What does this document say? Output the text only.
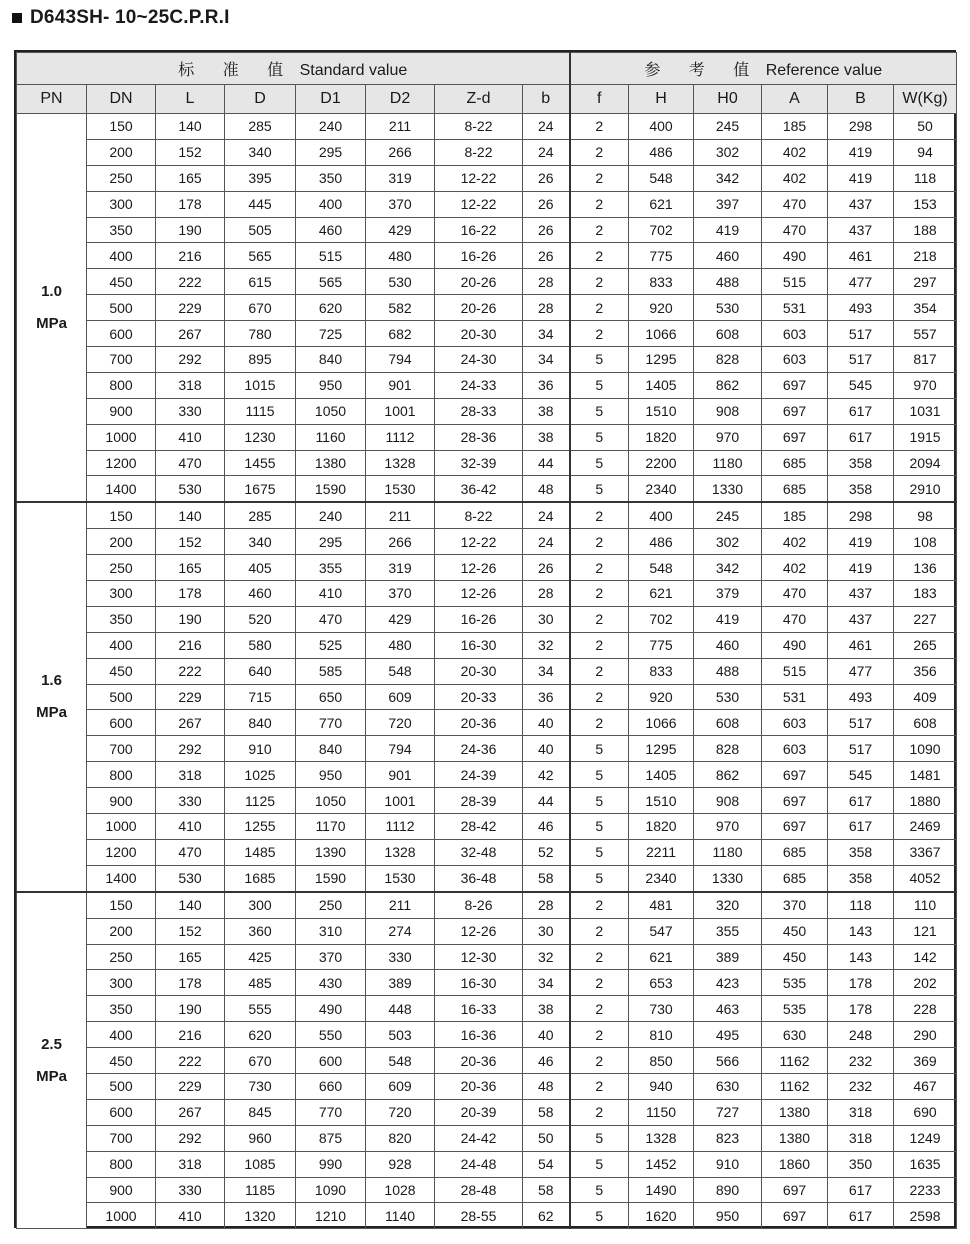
D643SH- 10~25C.P.R.I
标 准 值 Standard value								参 考 值 Reference value					
PN	DN	L	D	D1	D2	Z-d	b	f	H	H0	A	B	W(Kg)

1.0
MPa	150	140	285	240	211	8-22	24	2	400	245	185	298	50
	200	152	340	295	266	8-22	24	2	486	302	402	419	94
	250	165	395	350	319	12-22	26	2	548	342	402	419	118
	300	178	445	400	370	12-22	26	2	621	397	470	437	153
	350	190	505	460	429	16-22	26	2	702	419	470	437	188
	400	216	565	515	480	16-26	26	2	775	460	490	461	218
	450	222	615	565	530	20-26	28	2	833	488	515	477	297
	500	229	670	620	582	20-26	28	2	920	530	531	493	354
	600	267	780	725	682	20-30	34	2	1066	608	603	517	557
	700	292	895	840	794	24-30	34	5	1295	828	603	517	817
	800	318	1015	950	901	24-33	36	5	1405	862	697	545	970
	900	330	1115	1050	1001	28-33	38	5	1510	908	697	617	1031
	1000	410	1230	1160	1112	28-36	38	5	1820	970	697	617	1915
	1200	470	1455	1380	1328	32-39	44	5	2200	1180	685	358	2094
	1400	530	1675	1590	1530	36-42	48	5	2340	1330	685	358	2910

1.6
MPa	150	140	285	240	211	8-22	24	2	400	245	185	298	98
	200	152	340	295	266	12-22	24	2	486	302	402	419	108
	250	165	405	355	319	12-26	26	2	548	342	402	419	136
	300	178	460	410	370	12-26	28	2	621	379	470	437	183
	350	190	520	470	429	16-26	30	2	702	419	470	437	227
	400	216	580	525	480	16-30	32	2	775	460	490	461	265
	450	222	640	585	548	20-30	34	2	833	488	515	477	356
	500	229	715	650	609	20-33	36	2	920	530	531	493	409
	600	267	840	770	720	20-36	40	2	1066	608	603	517	608
	700	292	910	840	794	24-36	40	5	1295	828	603	517	1090
	800	318	1025	950	901	24-39	42	5	1405	862	697	545	1481
	900	330	1125	1050	1001	28-39	44	5	1510	908	697	617	1880
	1000	410	1255	1170	1112	28-42	46	5	1820	970	697	617	2469
	1200	470	1485	1390	1328	32-48	52	5	2211	1180	685	358	3367
	1400	530	1685	1590	1530	36-48	58	5	2340	1330	685	358	4052

2.5
MPa	150	140	300	250	211	8-26	28	2	481	320	370	118	110
	200	152	360	310	274	12-26	30	2	547	355	450	143	121
	250	165	425	370	330	12-30	32	2	621	389	450	143	142
	300	178	485	430	389	16-30	34	2	653	423	535	178	202
	350	190	555	490	448	16-33	38	2	730	463	535	178	228
	400	216	620	550	503	16-36	40	2	810	495	630	248	290
	450	222	670	600	548	20-36	46	2	850	566	1162	232	369
	500	229	730	660	609	20-36	48	2	940	630	1162	232	467
	600	267	845	770	720	20-39	58	2	1150	727	1380	318	690
	700	292	960	875	820	24-42	50	5	1328	823	1380	318	1249
	800	318	1085	990	928	24-48	54	5	1452	910	1860	350	1635
	900	330	1185	1090	1028	28-48	58	5	1490	890	697	617	2233
	1000	410	1320	1210	1140	28-55	62	5	1620	950	697	617	2598
